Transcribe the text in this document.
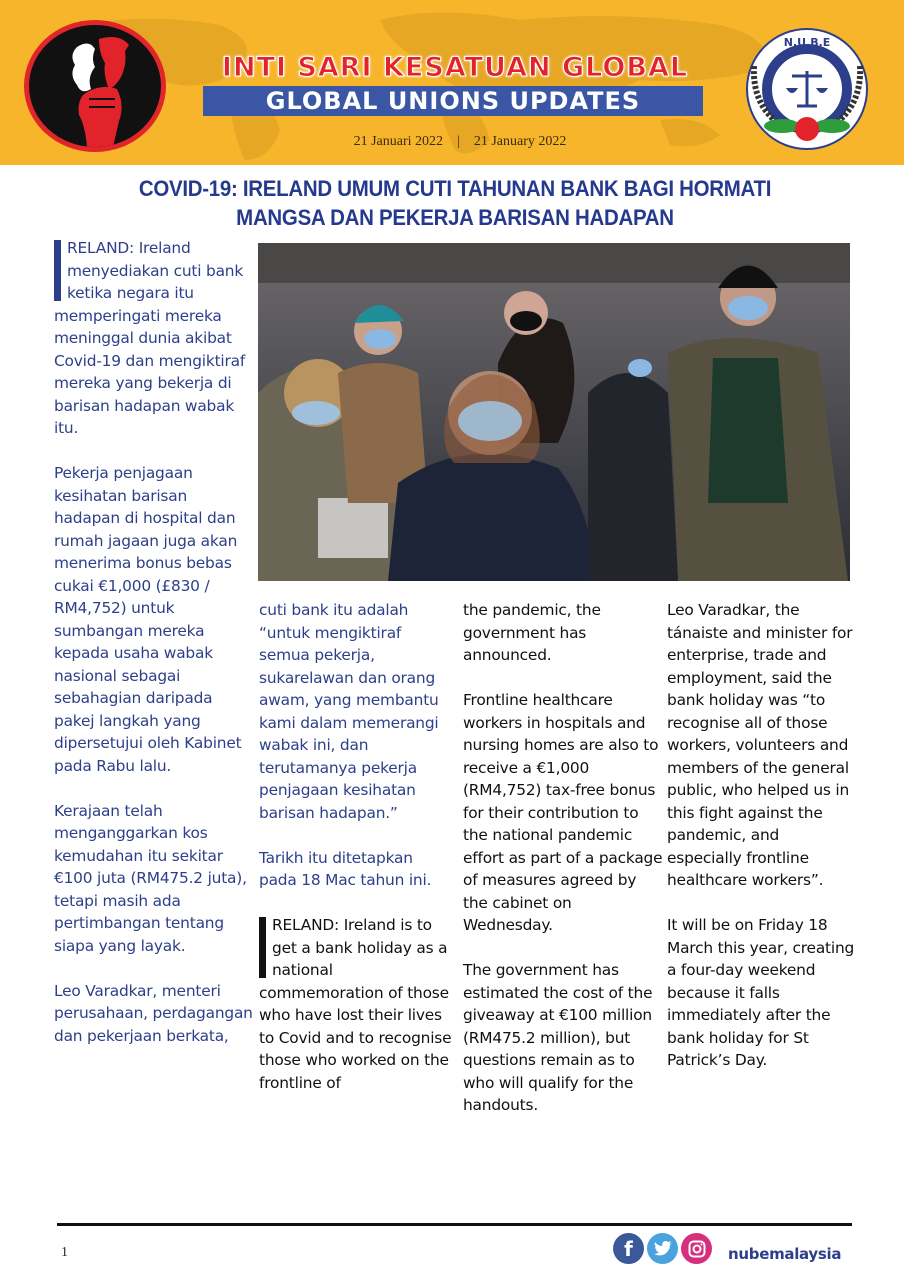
INTI SARI KESATUAN GLOBAL
GLOBAL UNIONS UPDATES
21 Januari 2022 | 21 January 2022
N.U.B.E
COVID-19: IRELAND UMUM CUTI TAHUNAN BANK BAGI HORMATI
MANGSA DAN PEKERJA BARISAN HADAPAN

RELAND: Ireland menyediakan cuti bank ketika negara itu memperingati mereka meninggal dunia akibat Covid-19 dan mengiktiraf mereka yang bekerja di barisan hadapan wabak itu.

Pekerja penjagaan kesihatan barisan hadapan di hospital dan rumah jagaan juga akan menerima bonus bebas cukai €1,000 (£830 / RM4,752) untuk sumbangan mereka kepada usaha wabak nasional sebagai sebahagian daripada pakej langkah yang dipersetujui oleh Kabinet pada Rabu lalu.

Kerajaan telah menganggarkan kos kemudahan itu sekitar €100 juta (RM475.2 juta), tetapi masih ada pertimbangan tentang siapa yang layak.

Leo Varadkar, menteri perusahaan, perdagangan dan pekerjaan berkata,

cuti bank itu adalah “untuk mengiktiraf semua pekerja, sukarelawan dan orang awam, yang membantu kami dalam memerangi wabak ini, dan terutamanya pekerja penjagaan kesihatan barisan hadapan.”

Tarikh itu ditetapkan pada 18 Mac tahun ini.

RELAND: Ireland is to get a bank holiday as a national commemoration of those who have lost their lives to Covid and to recognise those who worked on the frontline of

the pandemic, the government has announced.

Frontline healthcare workers in hospitals and nursing homes are also to receive a €1,000 (RM4,752) tax-free bonus for their contribution to the national pandemic effort as part of a package of measures agreed by the cabinet on Wednesday.

The government has estimated the cost of the giveaway at €100 million (RM475.2 million), but questions remain as to who will qualify for the handouts.

Leo Varadkar, the tánaiste and minister for enterprise, trade and employment, said the bank holiday was “to recognise all of those workers, volunteers and members of the general public, who helped us in this fight against the pandemic, and especially frontline healthcare workers”.

It will be on Friday 18 March this year, creating a four-day weekend because it falls immediately after the bank holiday for St Patrick’s Day.

1	f	nubemalaysia
